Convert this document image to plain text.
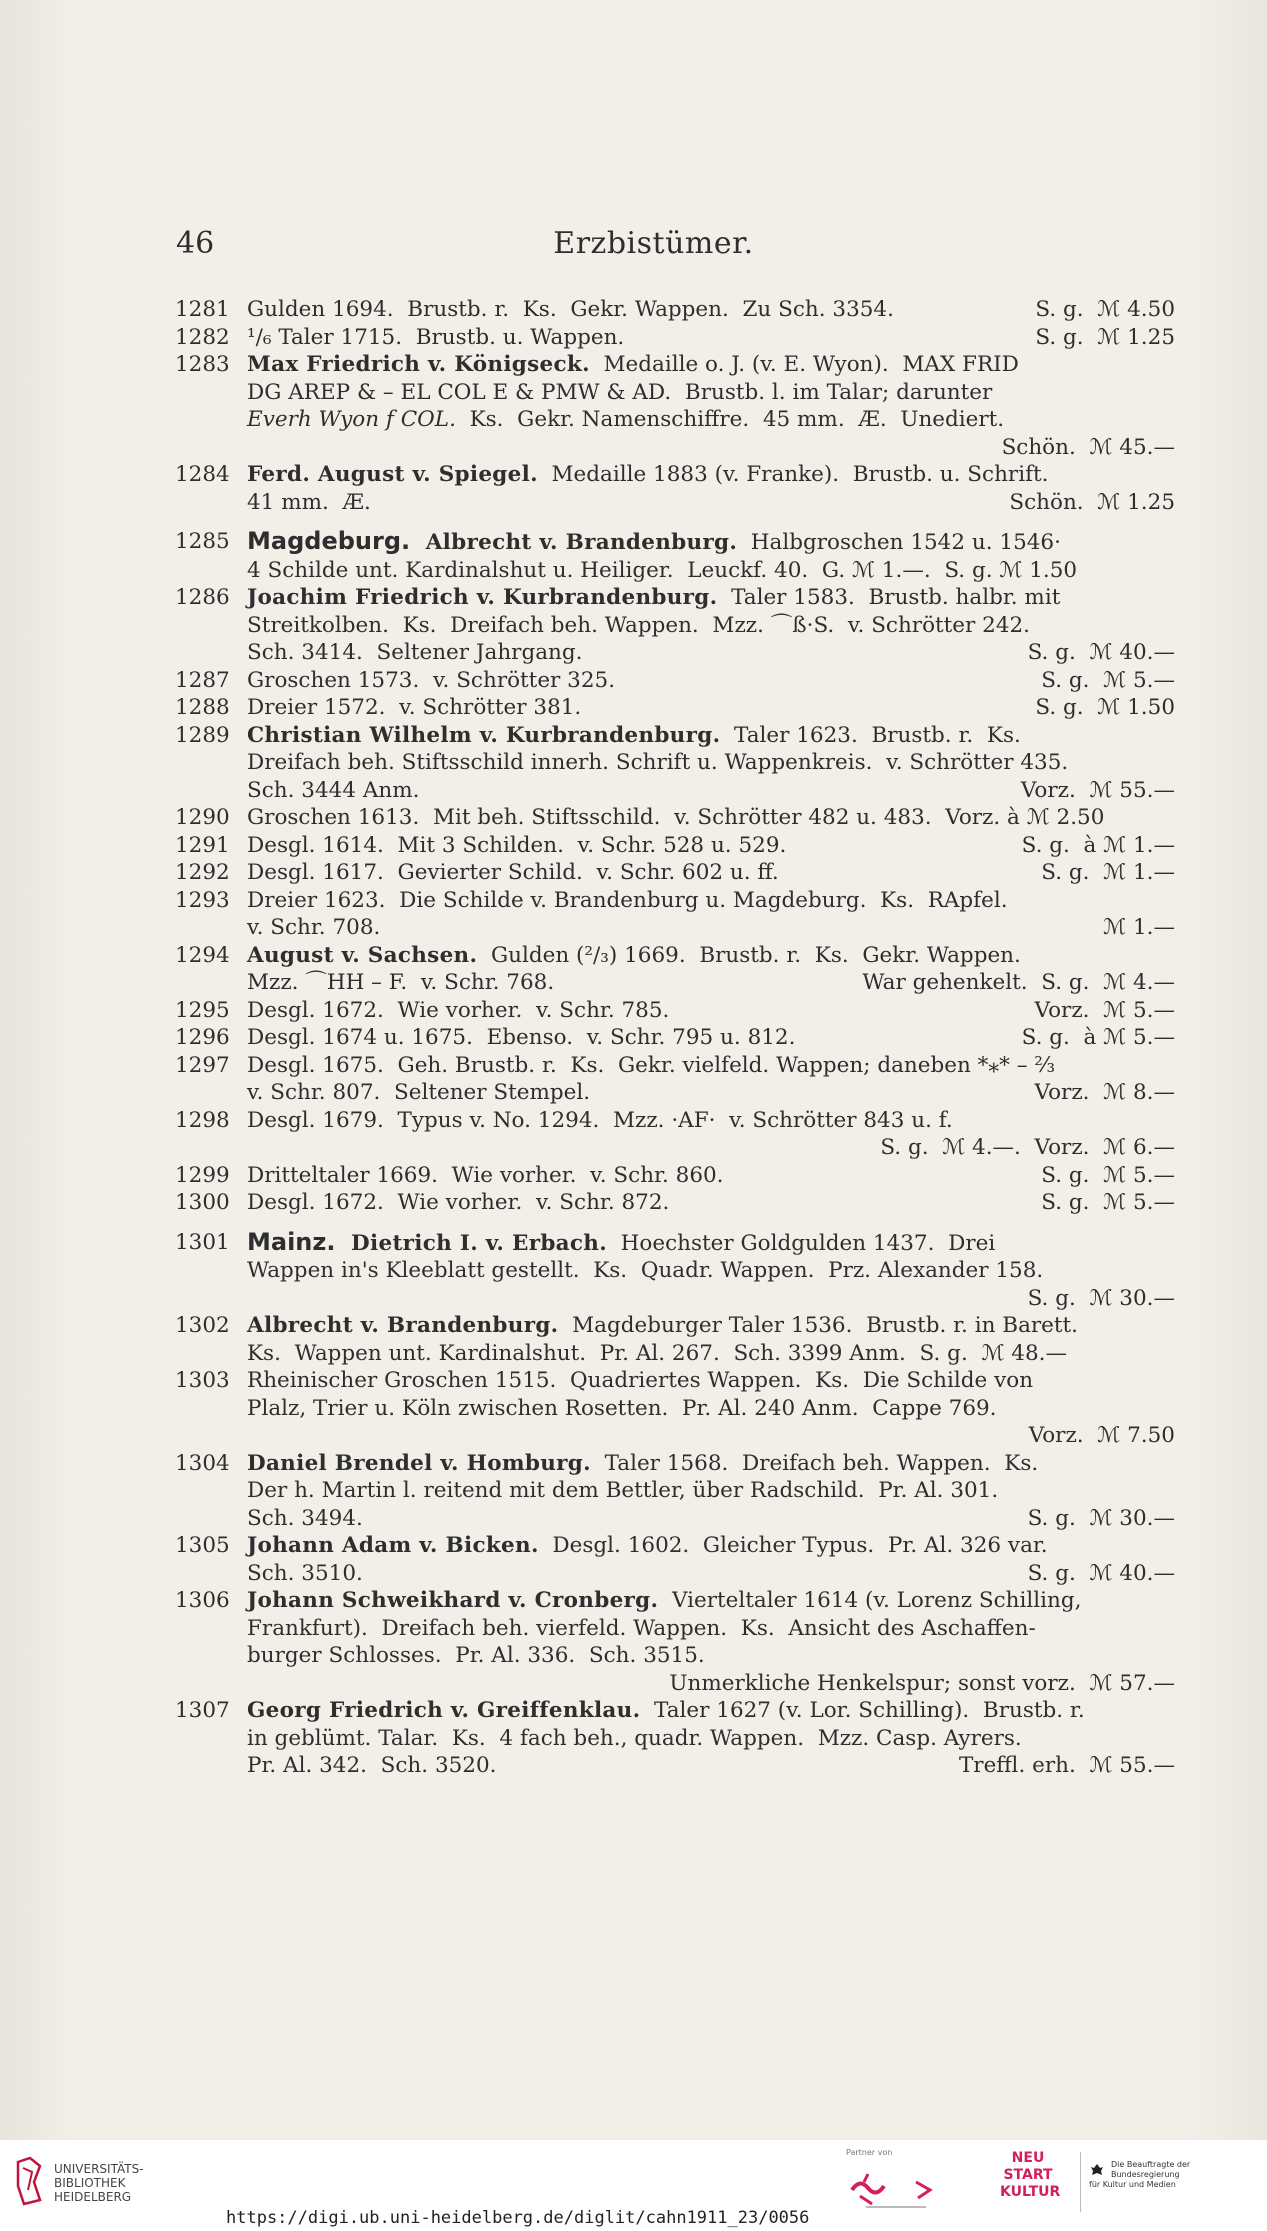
46	Erzbistümer.
1281 Gulden 1694.  Brustb. r.  Ks.  Gekr. Wappen.  Zu Sch. 3354.	S. g.  ℳ 4.50
1282 ¹/₆ Taler 1715.  Brustb. u. Wappen.	S. g.  ℳ 1.25
1283 Max Friedrich v. Königseck.  Medaille o. J. (v. E. Wyon).  MAX FRID
DG AREP & – EL COL E & PMW & AD.  Brustb. l. im Talar; darunter
Everh Wyon f COL.  Ks.  Gekr. Namenschiffre.  45 mm.  Æ.  Unediert.
Schön.  ℳ 45.—
1284 Ferd. August v. Spiegel.  Medaille 1883 (v. Franke).  Brustb. u. Schrift.
41 mm.  Æ.	Schön.  ℳ 1.25
1285 Magdeburg.  Albrecht v. Brandenburg.  Halbgroschen 1542 u. 1546·
4 Schilde unt. Kardinalshut u. Heiliger.  Leuckf. 40.  G. ℳ 1.—.  S. g. ℳ 1.50
1286 Joachim Friedrich v. Kurbrandenburg.  Taler 1583.  Brustb. halbr. mit
Streitkolben.  Ks.  Dreifach beh. Wappen.  Mzz. ⌒ß·S.  v. Schrötter 242.
Sch. 3414.  Seltener Jahrgang.	S. g.  ℳ 40.—
1287 Groschen 1573.  v. Schrötter 325.	S. g.  ℳ 5.—
1288 Dreier 1572.  v. Schrötter 381.	S. g.  ℳ 1.50
1289 Christian Wilhelm v. Kurbrandenburg.  Taler 1623.  Brustb. r.  Ks.
Dreifach beh. Stiftsschild innerh. Schrift u. Wappenkreis.  v. Schrötter 435.
Sch. 3444 Anm.	Vorz.  ℳ 55.—
1290 Groschen 1613.  Mit beh. Stiftsschild.  v. Schrötter 482 u. 483.  Vorz. à ℳ 2.50
1291 Desgl. 1614.  Mit 3 Schilden.  v. Schr. 528 u. 529.	S. g.  à ℳ 1.—
1292 Desgl. 1617.  Gevierter Schild.  v. Schr. 602 u. ff.	S. g.  ℳ 1.—
1293 Dreier 1623.  Die Schilde v. Brandenburg u. Magdeburg.  Ks.  RApfel.
v. Schr. 708.	ℳ 1.—
1294 August v. Sachsen.  Gulden (²/₃) 1669.  Brustb. r.  Ks.  Gekr. Wappen.
Mzz. ⌒HH – F.  v. Schr. 768.	War gehenkelt.  S. g.  ℳ 4.—
1295 Desgl. 1672.  Wie vorher.  v. Schr. 785.	Vorz.  ℳ 5.—
1296 Desgl. 1674 u. 1675.  Ebenso.  v. Schr. 795 u. 812.	S. g.  à ℳ 5.—
1297 Desgl. 1675.  Geh. Brustb. r.  Ks.  Gekr. vielfeld. Wappen; daneben *⁎* – ²⁄₃
v. Schr. 807.  Seltener Stempel.	Vorz.  ℳ 8.—
1298 Desgl. 1679.  Typus v. No. 1294.  Mzz. ·AF·  v. Schrötter 843 u. f.
S. g.  ℳ 4.—.  Vorz.  ℳ 6.—
1299 Dritteltaler 1669.  Wie vorher.  v. Schr. 860.	S. g.  ℳ 5.—
1300 Desgl. 1672.  Wie vorher.  v. Schr. 872.	S. g.  ℳ 5.—
1301 Mainz.  Dietrich I. v. Erbach.  Hoechster Goldgulden 1437.  Drei
Wappen in's Kleeblatt gestellt.  Ks.  Quadr. Wappen.  Prz. Alexander 158.
S. g.  ℳ 30.—
1302 Albrecht v. Brandenburg.  Magdeburger Taler 1536.  Brustb. r. in Barett.
Ks.  Wappen unt. Kardinalshut.  Pr. Al. 267.  Sch. 3399 Anm.  S. g.  ℳ 48.—
1303 Rheinischer Groschen 1515.  Quadriertes Wappen.  Ks.  Die Schilde von
Plalz, Trier u. Köln zwischen Rosetten.  Pr. Al. 240 Anm.  Cappe 769.
Vorz.  ℳ 7.50
1304 Daniel Brendel v. Homburg.  Taler 1568.  Dreifach beh. Wappen.  Ks.
Der h. Martin l. reitend mit dem Bettler, über Radschild.  Pr. Al. 301.
Sch. 3494.	S. g.  ℳ 30.—
1305 Johann Adam v. Bicken.  Desgl. 1602.  Gleicher Typus.  Pr. Al. 326 var.
Sch. 3510.	S. g.  ℳ 40.—
1306 Johann Schweikhard v. Cronberg.  Vierteltaler 1614 (v. Lorenz Schilling,
Frankfurt).  Dreifach beh. vierfeld. Wappen.  Ks.  Ansicht des Aschaffen-
burger Schlosses.  Pr. Al. 336.  Sch. 3515.
Unmerkliche Henkelspur; sonst vorz.  ℳ 57.—
1307 Georg Friedrich v. Greiffenklau.  Taler 1627 (v. Lor. Schilling).  Brustb. r.
in geblümt. Talar.  Ks.  4 fach beh., quadr. Wappen.  Mzz. Casp. Ayrers.
Pr. Al. 342.  Sch. 3520.	Treffl. erh.  ℳ 55.—
UNIVERSITÄTS-
BIBLIOTHEK
HEIDELBERG
Partner von	NEU
START
KULTUR
Die Beauftragte der Bundesregierung
für Kultur und Medien
https://digi.ub.uni-heidelberg.de/diglit/cahn1911_23/0056
